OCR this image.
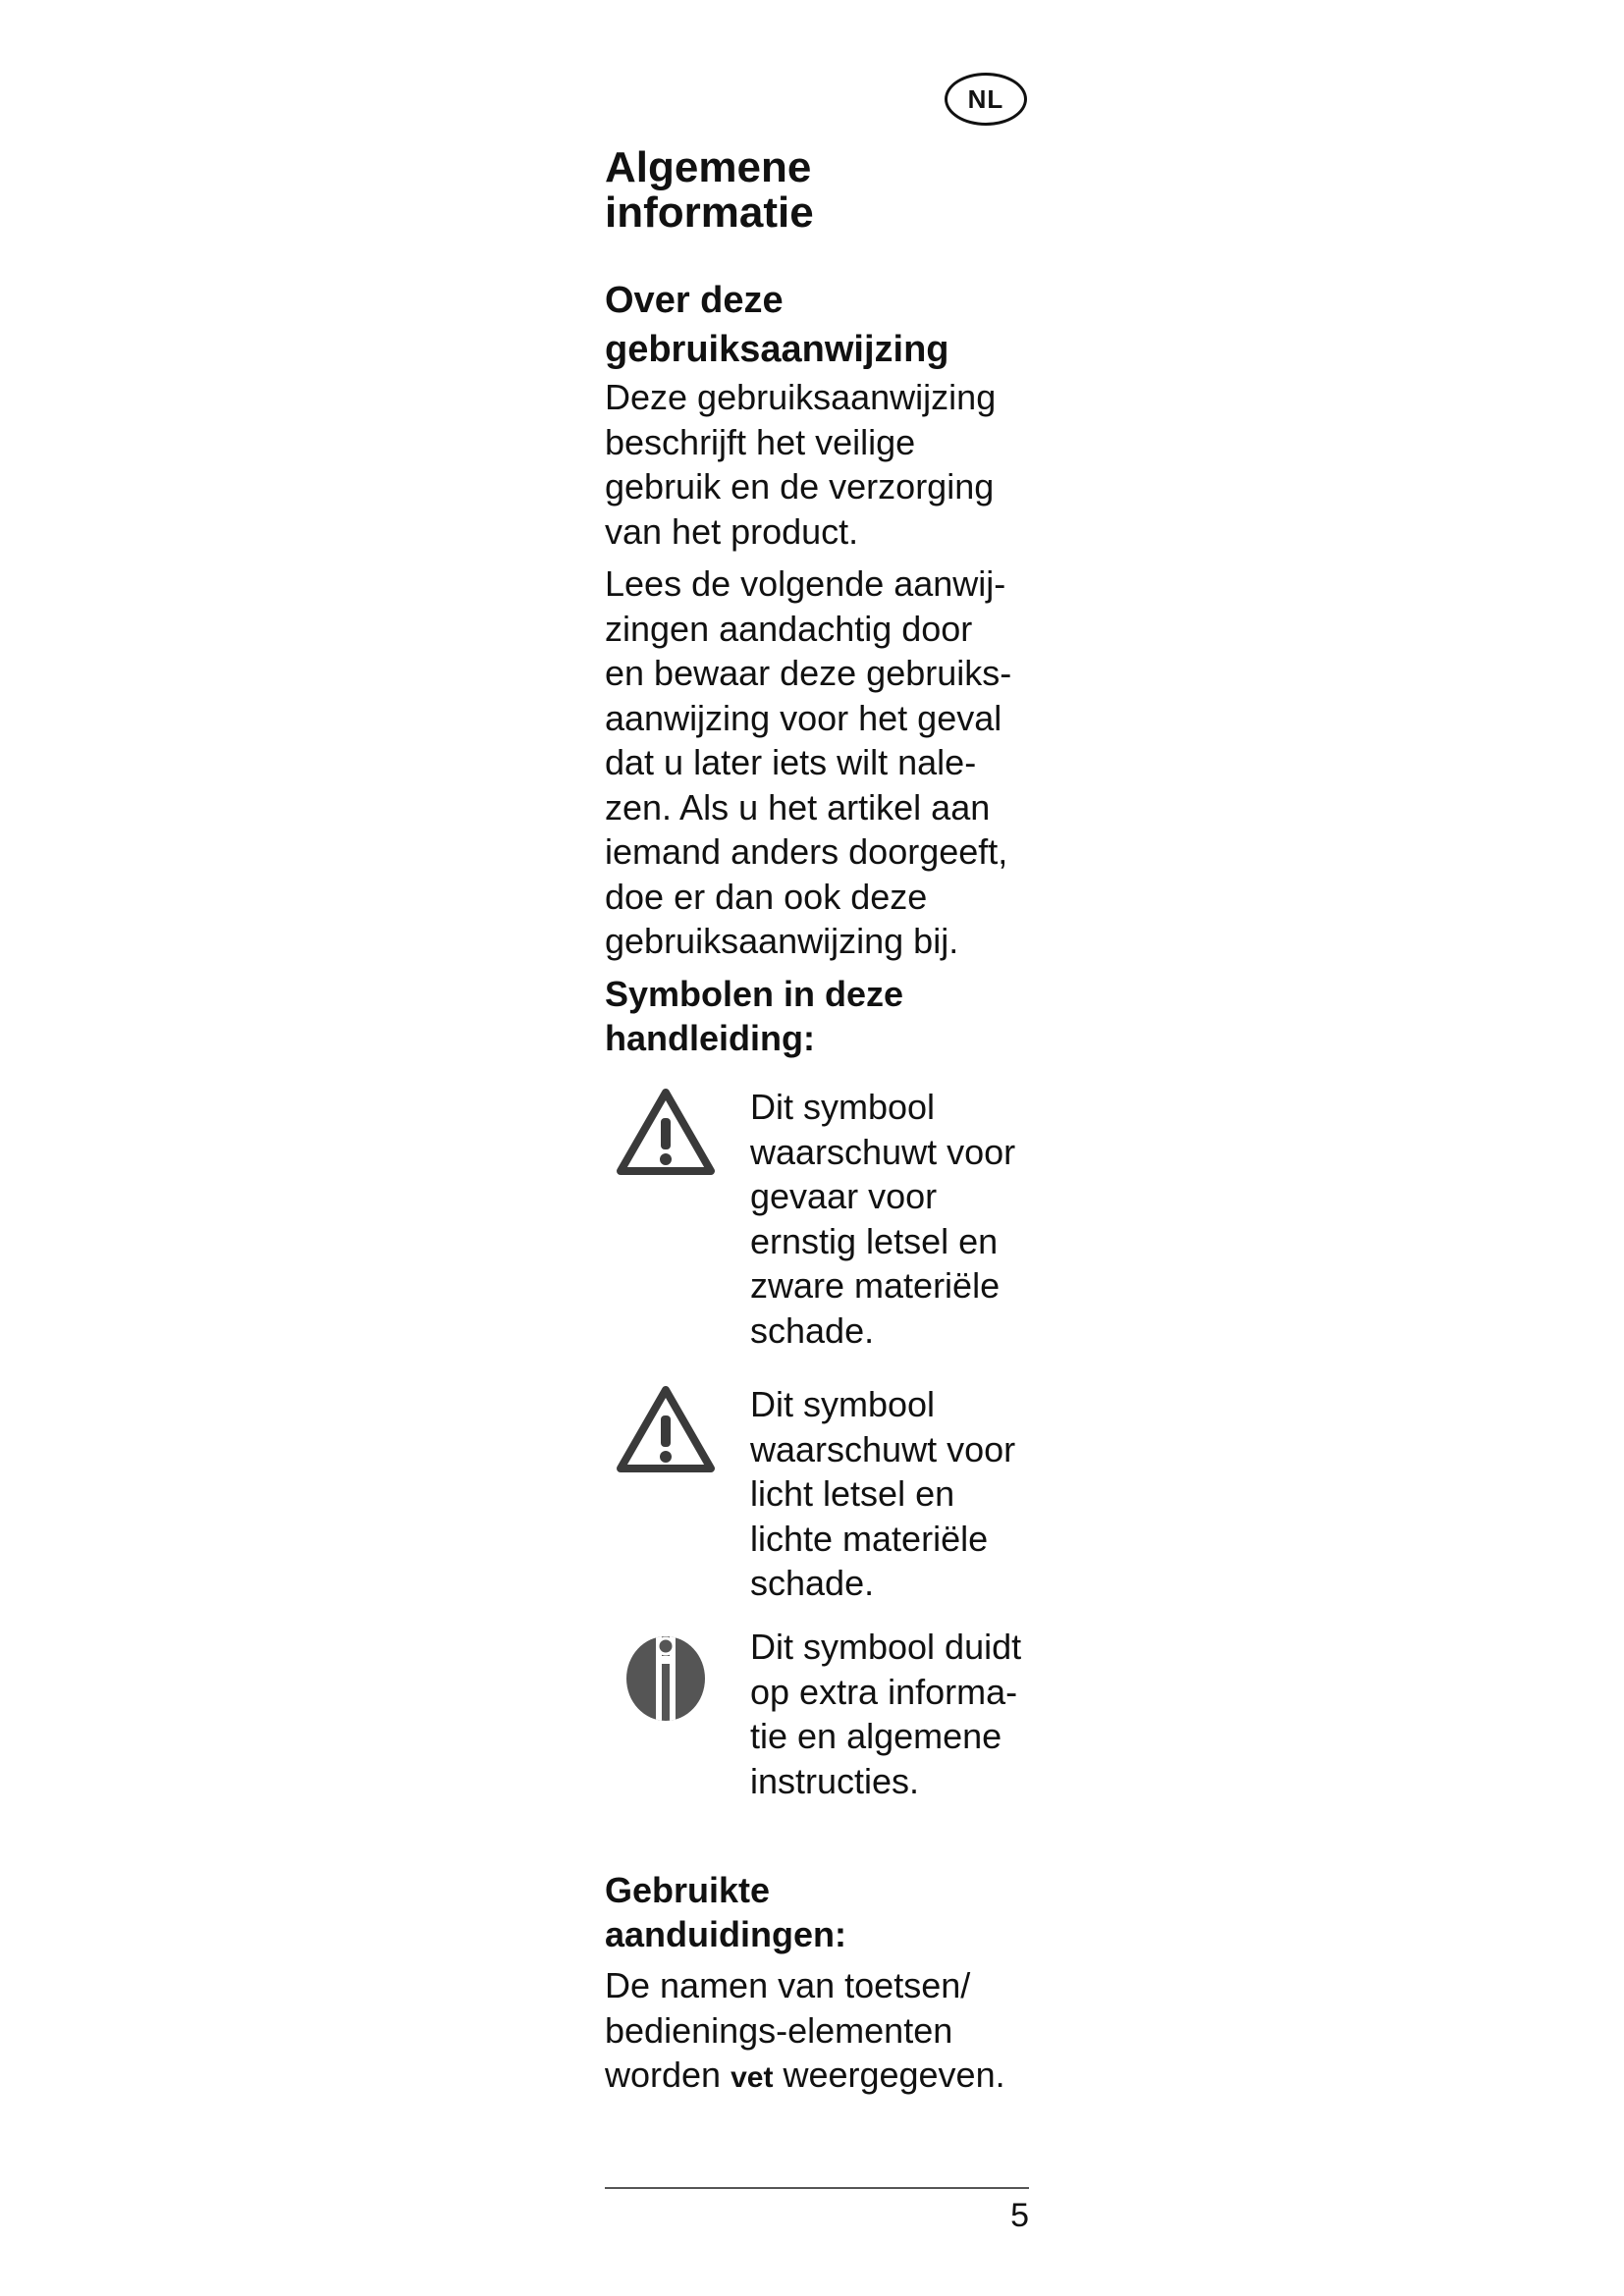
NL
Algemene
informatie
Over deze
gebruiksaanwijzing
Deze gebruiksaanwijzing
beschrijft het veilige
gebruik en de verzorging
van het product.
Lees de volgende aanwij-
zingen aandachtig door
en bewaar deze gebruiks-
aanwijzing voor het geval
dat u later iets wilt nale-
zen. Als u het artikel aan
iemand anders doorgeeft,
doe er dan ook deze
gebruiksaanwijzing bij.
Symbolen in deze
handleiding:
Dit symbool
waarschuwt voor
gevaar voor
ernstig letsel en
zware materiële
schade.
Dit symbool
waarschuwt voor
licht letsel en
lichte materiële
schade.
Dit symbool duidt
op extra informa-
tie en algemene
instructies.
Gebruikte
aanduidingen:
De namen van toetsen/
bedienings-elementen
worden vet weergegeven.
5
